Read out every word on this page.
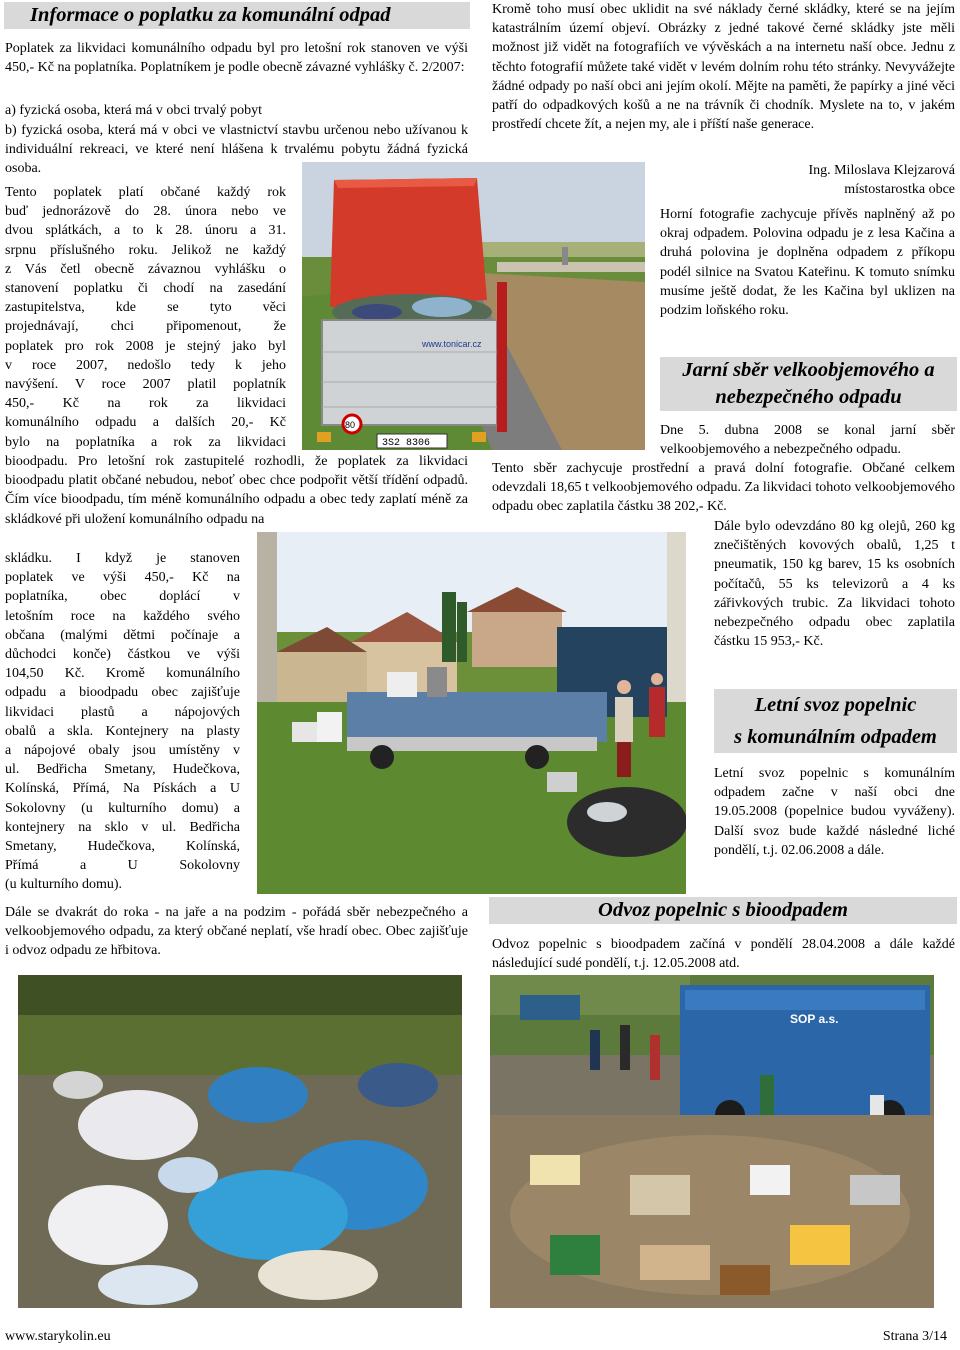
Informace o poplatku za komunální odpad

Poplatek za likvidaci komunálního odpadu byl pro letošní rok stanoven ve výši 450,- Kč na poplatníka. Poplatníkem je podle obecně závazné vyhlášky č. 2/2007:

a) fyzická osoba, která má v obci trvalý pobyt

b) fyzická osoba, která má v obci ve vlastnictví stavbu určenou nebo užívanou k individuální rekreaci, ve které není hlášena k trvalému pobytu žádná fyzická osoba.

Tento poplatek platí občané každý rok
buď jednorázově do 28. února nebo ve
dvou splátkách, a to k 28. únoru a 31.
srpnu příslušného roku. Jelikož ne každý
z Vás četl obecně závaznou vyhlášku o
stanovení poplatku či chodí na zasedání
zastupitelstva, kde se tyto věci
projednávají, chci připomenout, že
poplatek pro rok 2008 je stejný jako byl
v roce 2007, nedošlo tedy k jeho
navýšení. V roce 2007 platil poplatník
450,- Kč na rok za likvidaci
komunálního odpadu a dalších 20,- Kč
bylo na poplatníka a rok za likvidaci

bioodpadu. Pro letošní rok zastupitelé rozhodli, že poplatek za likvidaci bioodpadu platit občané nebudou, neboť obec chce podpořit větší třídění odpadů. Čím více bioodpadu, tím méně komunálního odpadu a obec tedy zaplatí méně za skládkové při uložení komunálního odpadu na

skládku. I když je stanoven
poplatek ve výši 450,- Kč na
poplatníka, obec doplácí v
letošním roce na každého svého
občana (malými dětmi počínaje a
důchodci konče) částkou ve výši
104,50 Kč. Kromě komunálního
odpadu a bioodpadu obec zajišťuje
likvidaci plastů a nápojových
obalů a skla. Kontejnery na plasty
a nápojové obaly jsou umístěny v
ul. Bedřicha Smetany, Hudečkova,
Kolínská, Přímá, Na Pískách a U
Sokolovny (u kulturního domu) a
kontejnery na sklo v ul. Bedřicha
Smetany, Hudečkova, Kolínská,
Přímá a U Sokolovny
(u kulturního domu).

Dále se dvakrát do roka - na jaře a na podzim - pořádá sběr nebezpečného a velkoobjemového odpadu, za který občané neplatí, vše hradí obec. Obec zajišťuje i odvoz odpadu ze hřbitova.

www.tonicar.cz
80
3S2 8306

Kromě toho musí obec uklidit na své náklady černé skládky, které se na jejím katastrálním území objeví. Obrázky z jedné takové černé skládky jste měli možnost již vidět na fotografiích ve vývěskách a na internetu naší obce. Jednu z těchto fotografií můžete také vidět v levém dolním rohu této stránky. Nevyvážejte žádné odpady po naší obci ani jejím okolí. Mějte na paměti, že papírky a jiné věci patří do odpadkových košů a ne na trávník či chodník. Myslete na to, v jakém prostředí chcete žít, a nejen my, ale i příští naše generace.

Ing. Miloslava Klejzarová
místostarostka obce

Horní fotografie zachycuje přívěs naplněný až po okraj odpadem. Polovina odpadu je z lesa Kačina a druhá polovina je doplněna odpadem z příkopu podél silnice na Svatou Kateřinu. K tomuto snímku musíme ještě dodat, že les Kačina byl uklizen na podzim loňského roku.

Jarní sběr velkoobjemového a
nebezpečného odpadu
Dne 5. dubna 2008 se konal jarní sběr
velkoobjemového a nebezpečného odpadu.

Tento sběr zachycuje prostřední a pravá dolní fotografie. Občané celkem odevzdali 18,65 t velkoobjemového odpadu. Za likvidaci tohoto velkoobjemového odpadu obec zaplatila částku 38 202,- Kč.

Dále bylo odevzdáno 80 kg olejů, 260 kg znečištěných kovových obalů, 1,25 t pneumatik, 150 kg barev, 15 ks osobních počítačů, 55 ks televizorů a 4 ks zářivkových trubic. Za likvidaci tohoto nebezpečného odpadu obec zaplatila částku 15 953,- Kč.

Letní svoz popelnic
s komunálním odpadem

Letní svoz popelnic s komunálním odpadem začne v naší obci dne 19.05.2008 (popelnice budou vyváženy). Další svoz bude každé následné liché pondělí, t.j. 02.06.2008 a dále.

Odvoz popelnic s bioodpadem

Odvoz popelnic s bioodpadem začíná v pondělí 28.04.2008 a dále každé následující sudé pondělí, t.j. 12.05.2008 atd.

SOP a.s.
www.starykolin.eu	Strana 3/14
